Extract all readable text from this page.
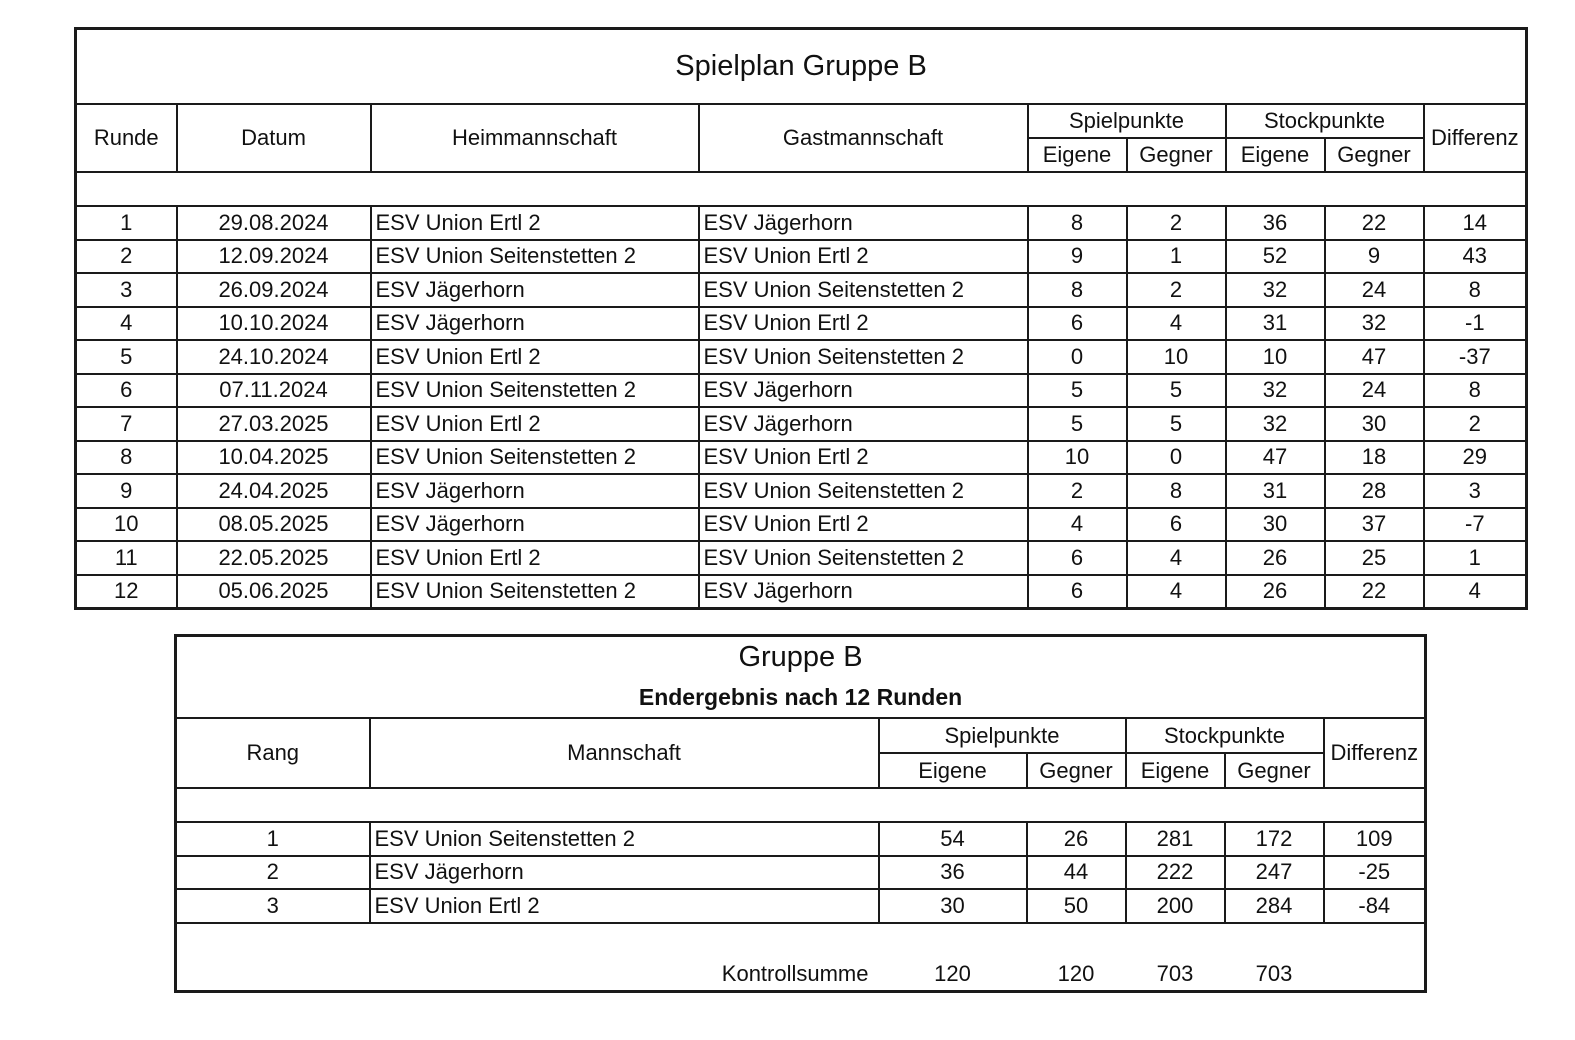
Spielplan Gruppe B								
Runde	Datum	Heimmannschaft	Gastmannschaft	Spielpunkte		Stockpunkte		Differenz
				Eigene	Gegner	Eigene	Gegner	

1	29.08.2024	ESV Union Ertl 2	ESV Jägerhorn	8	2	36	22	14
2	12.09.2024	ESV Union Seitenstetten 2	ESV Union Ertl 2	9	1	52	9	43
3	26.09.2024	ESV Jägerhorn	ESV Union Seitenstetten 2	8	2	32	24	8
4	10.10.2024	ESV Jägerhorn	ESV Union Ertl 2	6	4	31	32	-1
5	24.10.2024	ESV Union Ertl 2	ESV Union Seitenstetten 2	0	10	10	47	-37
6	07.11.2024	ESV Union Seitenstetten 2	ESV Jägerhorn	5	5	32	24	8
7	27.03.2025	ESV Union Ertl 2	ESV Jägerhorn	5	5	32	30	2
8	10.04.2025	ESV Union Seitenstetten 2	ESV Union Ertl 2	10	0	47	18	29
9	24.04.2025	ESV Jägerhorn	ESV Union Seitenstetten 2	2	8	31	28	3
10	08.05.2025	ESV Jägerhorn	ESV Union Ertl 2	4	6	30	37	-7
11	22.05.2025	ESV Union Ertl 2	ESV Union Seitenstetten 2	6	4	26	25	1
12	05.06.2025	ESV Union Seitenstetten 2	ESV Jägerhorn	6	4	26	22	4
Gruppe B						
Endergebnis nach 12 Runden						
Rang	Mannschaft	Spielpunkte		Stockpunkte		Differenz
		Eigene	Gegner	Eigene	Gegner	

1	ESV Union Seitenstetten 2	54	26	281	172	109
2	ESV Jägerhorn	36	44	222	247	-25
3	ESV Union Ertl 2	30	50	200	284	-84

	Kontrollsumme	120	120	703	703	
